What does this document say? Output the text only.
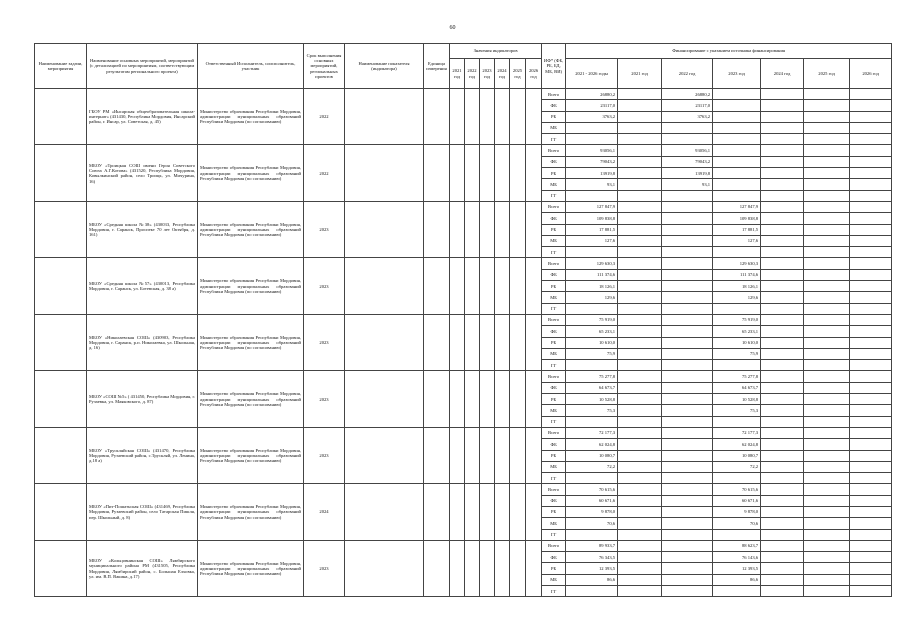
60
Наименование задачи, мероприятия	Наименование основных мероприятий, мероприятий (с детализацией по мероприятиям, соответствующим результатам регионального проекта)	Ответственный Исполнитель, соисполнитель, участник	Срок выполнения основных мероприятий, региональных проектов	Наименование показателя (индикатора)	Единица измерения	Значения индикаторов						ИФ* (ФБ, РБ, БД, МБ, ВИ)	Финансирование с указанием источника финансирования						
						2021 год	2022 год	2023 год	2024 год	2025 год	2026 год		2021 - 2026 годы	2021 год	2022 год	2023 год	2024 год	2025 год	2026 год
	ГБОУ РМ «Инсарская общеобразовательная школа-интернат» (431430, Республика Мордовия, Инсарский район, г. Инсар, ул. Советская, д. 45)	Министерство образования Республики Мордовия, администрации муниципальных образований Республики Мордовия (по согласованию)	2022									Всего	26880,2		26880,2				
												ФБ	23117,0		23117,0				
												РБ	3763,2		3763,2				
												МБ							
												ГГ							
	МБОУ «Троицкая СОШ имени Героя Советского Союза А.Г.Котова» (431520, Республика Мордовия, Ковылкинский район, село Троицк, ул. Мичурина, 16)	Министерство образования Республики Мордовия, администрации муниципальных образований Республики Мордовия (по согласованию)	2022									Всего	93056,1		93056,1				
												ФБ	79043,2		79043,2				
												РБ	13919,8		13919,8				
												МБ	93,1		93,1				
												ГГ							
	МБОУ «Средняя школа №38» (430033, Республика Мордовия, г. Саранск, Проспект 70 лет Октября, д. 161)	Министерство образования Республики Мордовия, администрации муниципальных образований Республики Мордовия (по согласованию)	2023									Всего	127 847,9			127 847,9			
												ФБ	109 838,8			109 838,8			
												РБ	17 881,5			17 881,5			
												МБ	127,6			127,6			
												ГГ							
	МБОУ «Средняя школа №57» (430013, Республика Мордовия, г. Саранск, ул. Ботевская, д. 38 а)	Министерство образования Республики Мордовия, администрации муниципальных образований Республики Мордовия (по согласованию)	2023									Всего	129 630,3			129 630,3			
												ФБ	111 374,6			111 374,6			
												РБ	18 126,1			18 126,1			
												МБ	129,6			129,6			
												ГГ							
	МБОУ «Николаевская СОШ» (430903, Республика Мордовия, г. Саранск, р.п. Николаевка, ул. Школьная, д. 16)	Министерство образования Республики Мордовия, администрации муниципальных образований Республики Мордовия (по согласованию)	2023									Всего	75 919,0			75 919,0			
												ФБ	65 233,1			65 233,1			
												РБ	10 610,0			10 610,0			
												МБ	75,9			75,9			
												ГГ							
	МБОУ «СОШ №5» ( 431450, Республика Мордовия, г. Рузаевка, ул. Маяковского, д. 87)	Министерство образования Республики Мордовия, администрации муниципальных образований Республики Мордовия (по согласованию)	2023									Всего	75 277,8			75 277,8			
												ФБ	64 673,7			64 673,7			
												РБ	10 528,8			10 528,8			
												МБ	75,3			75,3			
												ГГ							
	МБОУ «Трускляйская СОШ» (431470, Республика Мордовия, Рузаевский район, с.Трускляй, ул. Ленина, д.18 а)	Министерство образования Республики Мордовия, администрации муниципальных образований Республики Мордовия (по согласованию)	2023									Всего	72 177,3			72 177,3			
												ФБ	62 024,8			62 024,8			
												РБ	10 080,7			10 080,7			
												МБ	72,2			72,2			
												ГГ							
	МБОУ «Пит-Пошатьская СОШ» (431469, Республика Мордовия, Рузаевский район, село Татарская Пишля, пер. Школьный, д. 8)	Министерство образования Республики Мордовия, администрации муниципальных образований Республики Мордовия (по согласованию)	2024									Всего	70 615,6			70 615,6			
												ФБ	60 671,6			60 671,6			
												РБ	9 878,0			9 878,0			
												МБ	70,6			70,6			
												ГГ							
	МБОУ «Кольцовнинская СОШ» Лямбирского муниципального района РМ (431505, Республика Мордовия, Лямбирский район, с. Большая Елховка, ул. им. В.П. Вакина, д.17)	Министерство образования Республики Мордовия, администрации муниципальных образований Республики Мордовия (по согласованию)	2023									Всего	89 933,7			88 623,7			
												ФБ	76 343,5			76 143,6			
												РБ	12 393,5			12 393,5			
												МБ	86,6			86,6			
												ГГ							
